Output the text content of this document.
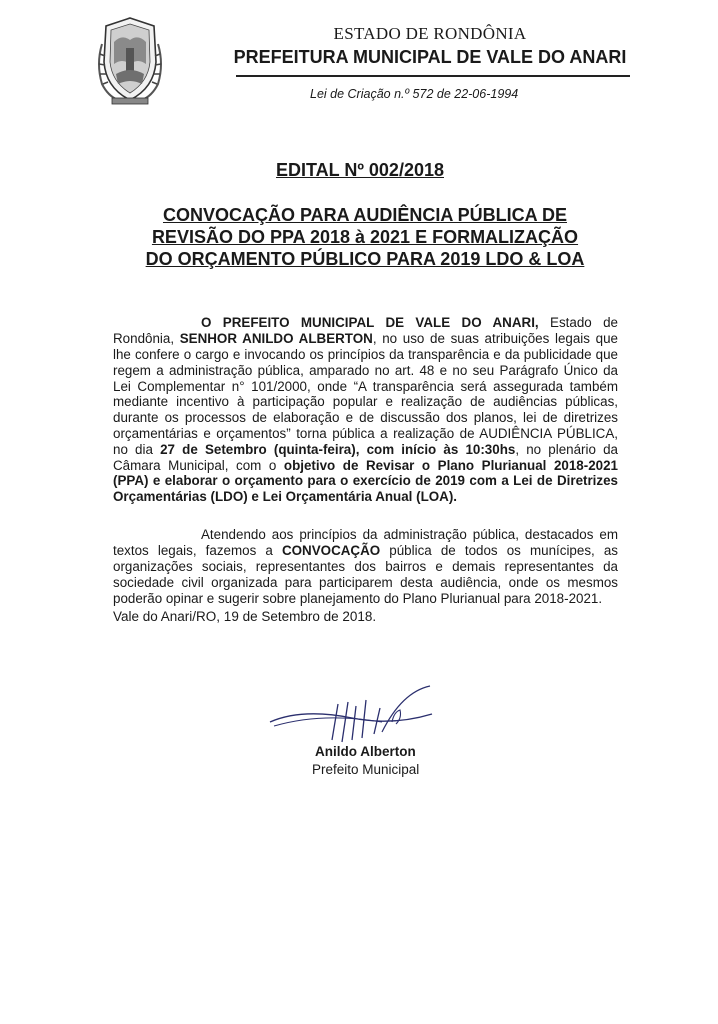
ESTADO DE RONDÔNIA
PREFEITURA MUNICIPAL DE VALE DO ANARI
Lei de Criação n.º 572 de 22-06-1994
EDITAL Nº 002/2018
CONVOCAÇÃO PARA AUDIÊNCIA PÚBLICA DE
REVISÃO DO PPA 2018 à 2021 E FORMALIZAÇÃO
DO ORÇAMENTO PÚBLICO PARA 2019 LDO & LOA

O PREFEITO MUNICIPAL DE VALE DO ANARI, Estado de Rondônia, SENHOR ANILDO ALBERTON, no uso de suas atribuições legais que lhe confere o cargo e invocando os princípios da transparência e da publicidade que regem a administração pública, amparado no art. 48 e no seu Parágrafo Único da Lei Complementar n° 101/2000, onde “A transparência será assegurada também mediante incentivo à participação popular e realização de audiências públicas, durante os processos de elaboração e de discussão dos planos, lei de diretrizes orçamentárias e orçamentos” torna pública a realização de AUDIÊNCIA PÚBLICA, no dia 27 de Setembro (quinta-feira), com início às 10:30hs, no plenário da Câmara Municipal, com o objetivo de Revisar o Plano Plurianual 2018-2021 (PPA) e elaborar o orçamento para o exercício de 2019 com a Lei de Diretrizes Orçamentárias (LDO) e Lei Orçamentária Anual (LOA).

Atendendo aos princípios da administração pública, destacados em textos legais, fazemos a CONVOCAÇÃO pública de todos os munícipes, as organizações sociais, representantes dos bairros e demais representantes da sociedade civil organizada para participarem desta audiência, onde os mesmos poderão opinar e sugerir sobre planejamento do Plano Plurianual para 2018-2021.

Vale do Anari/RO, 19 de Setembro de 2018.
Anildo Alberton
Prefeito Municipal
